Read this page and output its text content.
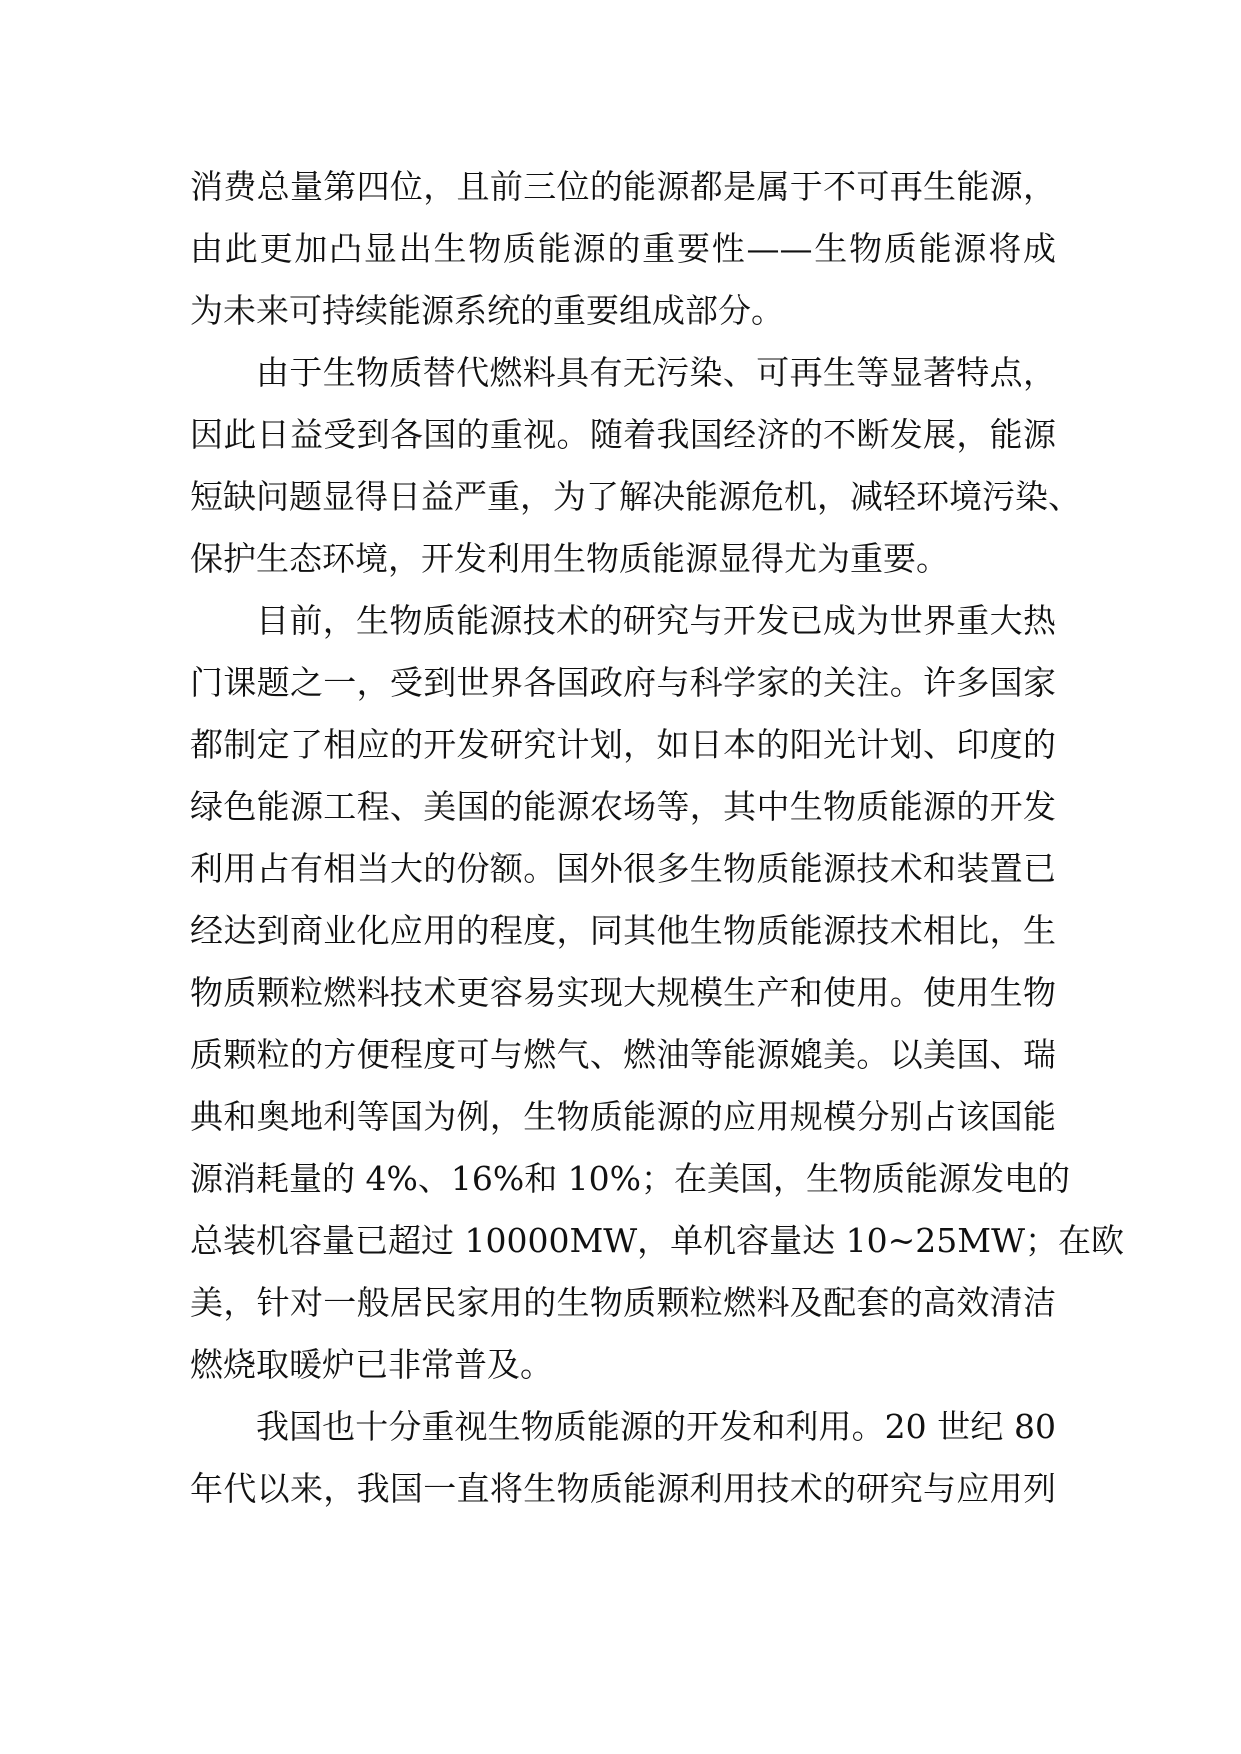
消费总量第四位，且前三位的能源都是属于不可再生能源，
由此更加凸显出生物质能源的重要性——生物质能源将成
为未来可持续能源系统的重要组成部分。
由于生物质替代燃料具有无污染、可再生等显著特点，
因此日益受到各国的重视。随着我国经济的不断发展，能源
短缺问题显得日益严重，为了解决能源危机，减轻环境污染、
保护生态环境，开发利用生物质能源显得尤为重要。
目前，生物质能源技术的研究与开发已成为世界重大热
门课题之一，受到世界各国政府与科学家的关注。许多国家
都制定了相应的开发研究计划，如日本的阳光计划、印度的
绿色能源工程、美国的能源农场等，其中生物质能源的开发
利用占有相当大的份额。国外很多生物质能源技术和装置已
经达到商业化应用的程度，同其他生物质能源技术相比，生
物质颗粒燃料技术更容易实现大规模生产和使用。使用生物
质颗粒的方便程度可与燃气、燃油等能源媲美。以美国、瑞
典和奥地利等国为例，生物质能源的应用规模分别占该国能
源消耗量的 4%、16%和 10%；在美国，生物质能源发电的
总装机容量已超过 10000MW，单机容量达 10~25MW；在欧
美，针对一般居民家用的生物质颗粒燃料及配套的高效清洁
燃烧取暖炉已非常普及。
我国也十分重视生物质能源的开发和利用。20 世纪 80
年代以来，我国一直将生物质能源利用技术的研究与应用列
